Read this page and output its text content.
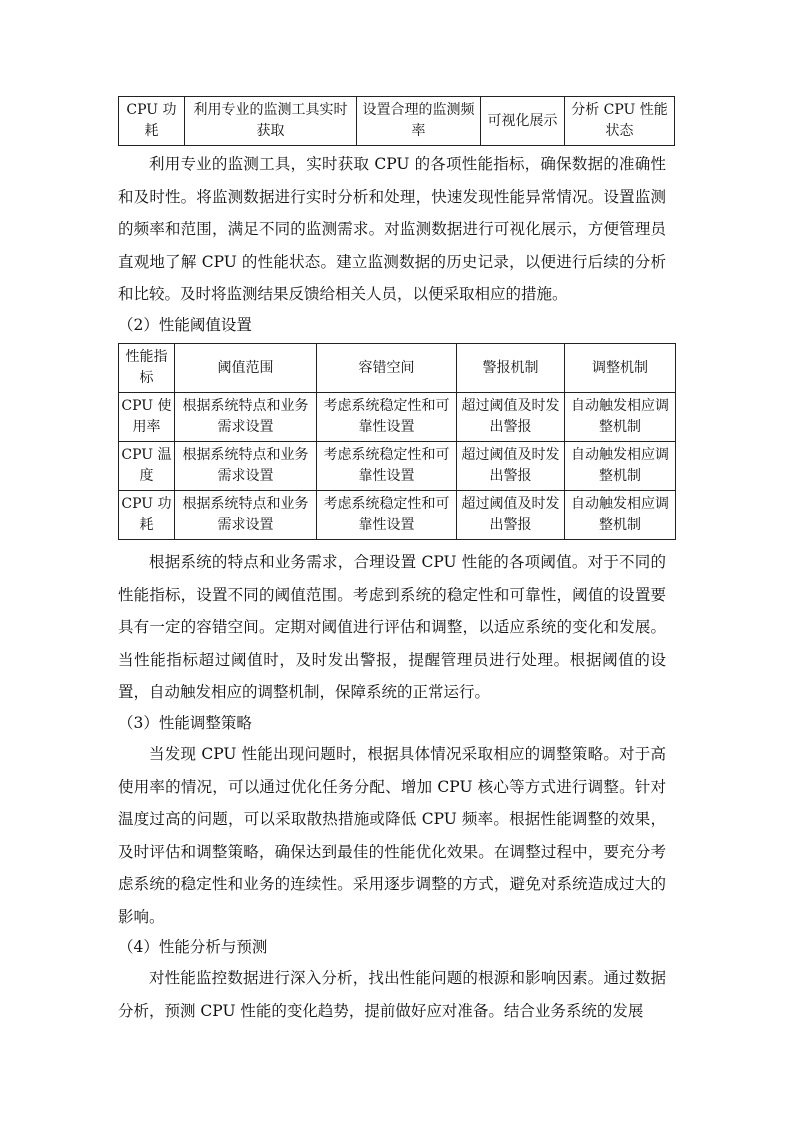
CPU 功耗	利用专业的监测工具实时获取	设置合理的监测频率	可视化展示	分析 CPU 性能状态

利用专业的监测工具，实时获取 CPU 的各项性能指标，确保数据的准确性和及时性。将监测数据进行实时分析和处理，快速发现性能异常情况。设置监测的频率和范围，满足不同的监测需求。对监测数据进行可视化展示，方便管理员直观地了解 CPU 的性能状态。建立监测数据的历史记录，以便进行后续的分析和比较。及时将监测结果反馈给相关人员，以便采取相应的措施。

（2）性能阈值设置

性能指标	阈值范围	容错空间	警报机制	调整机制
CPU 使用率	根据系统特点和业务需求设置	考虑系统稳定性和可靠性设置	超过阈值及时发出警报	自动触发相应调整机制
CPU 温度	根据系统特点和业务需求设置	考虑系统稳定性和可靠性设置	超过阈值及时发出警报	自动触发相应调整机制
CPU 功耗	根据系统特点和业务需求设置	考虑系统稳定性和可靠性设置	超过阈值及时发出警报	自动触发相应调整机制

根据系统的特点和业务需求，合理设置 CPU 性能的各项阈值。对于不同的性能指标，设置不同的阈值范围。考虑到系统的稳定性和可靠性，阈值的设置要具有一定的容错空间。定期对阈值进行评估和调整，以适应系统的变化和发展。当性能指标超过阈值时，及时发出警报，提醒管理员进行处理。根据阈值的设置，自动触发相应的调整机制，保障系统的正常运行。

（3）性能调整策略

当发现 CPU 性能出现问题时，根据具体情况采取相应的调整策略。对于高使用率的情况，可以通过优化任务分配、增加 CPU 核心等方式进行调整。针对温度过高的问题，可以采取散热措施或降低 CPU 频率。根据性能调整的效果，及时评估和调整策略，确保达到最佳的性能优化效果。在调整过程中，要充分考虑系统的稳定性和业务的连续性。采用逐步调整的方式，避免对系统造成过大的影响。

（4）性能分析与预测

对性能监控数据进行深入分析，找出性能问题的根源和影响因素。通过数据分析，预测 CPU 性能的变化趋势，提前做好应对准备。结合业务系统的发展
